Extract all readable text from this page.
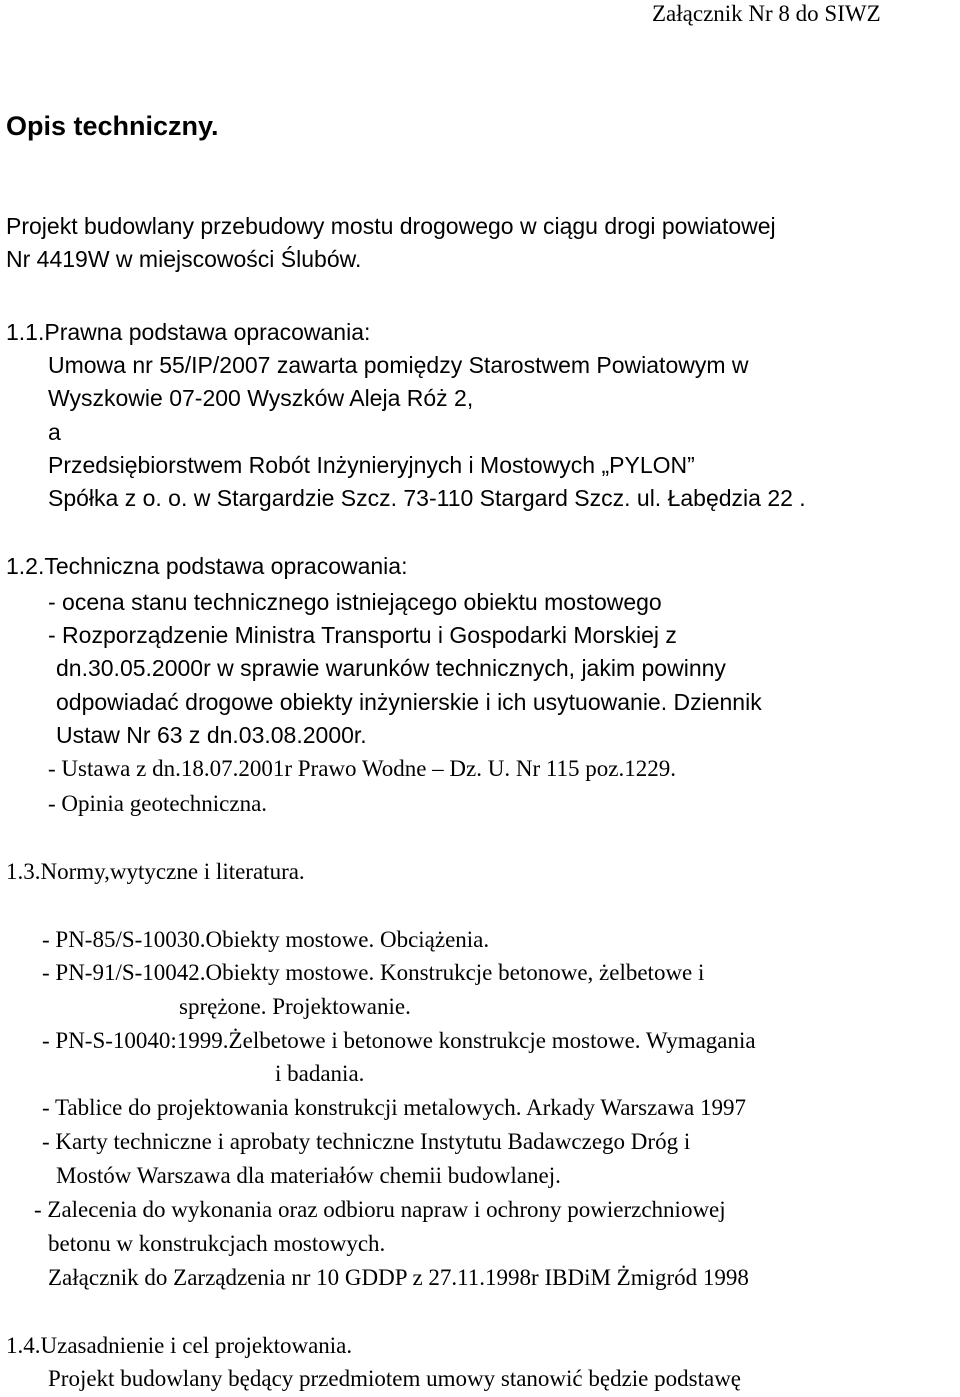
Załącznik Nr 8 do SIWZ
Opis techniczny.
Projekt budowlany przebudowy mostu drogowego w ciągu drogi powiatowej
Nr 4419W w miejscowości Ślubów.
1.1.Prawna podstawa opracowania:
Umowa nr 55/IP/2007 zawarta pomiędzy Starostwem Powiatowym w
Wyszkowie 07-200 Wyszków Aleja Róż 2,
a
Przedsiębiorstwem Robót Inżynieryjnych i Mostowych „PYLON”
Spółka z o. o. w Stargardzie Szcz. 73-110 Stargard Szcz. ul. Łabędzia 22 .
1.2.Techniczna podstawa opracowania:
- ocena stanu technicznego istniejącego obiektu mostowego
- Rozporządzenie Ministra Transportu i Gospodarki Morskiej z
dn.30.05.2000r w sprawie warunków technicznych, jakim powinny
odpowiadać drogowe obiekty inżynierskie i ich usytuowanie. Dziennik
Ustaw Nr 63 z dn.03.08.2000r.
- Ustawa z dn.18.07.2001r Prawo Wodne – Dz. U. Nr 115 poz.1229.
- Opinia geotechniczna.
1.3.Normy,wytyczne i literatura.
- PN-85/S-10030.Obiekty mostowe. Obciążenia.
- PN-91/S-10042.Obiekty mostowe. Konstrukcje betonowe, żelbetowe i
sprężone. Projektowanie.
- PN-S-10040:1999.Żelbetowe i betonowe konstrukcje mostowe. Wymagania
i badania.
- Tablice do projektowania konstrukcji metalowych. Arkady Warszawa 1997
- Karty techniczne i aprobaty techniczne Instytutu Badawczego Dróg i
Mostów Warszawa dla materiałów chemii budowlanej.
- Zalecenia do wykonania oraz odbioru napraw i ochrony powierzchniowej
betonu w konstrukcjach mostowych.
Załącznik do Zarządzenia nr 10 GDDP z 27.11.1998r IBDiM Żmigród 1998
1.4.Uzasadnienie i cel projektowania.
Projekt budowlany będący przedmiotem umowy stanowić będzie podstawę
